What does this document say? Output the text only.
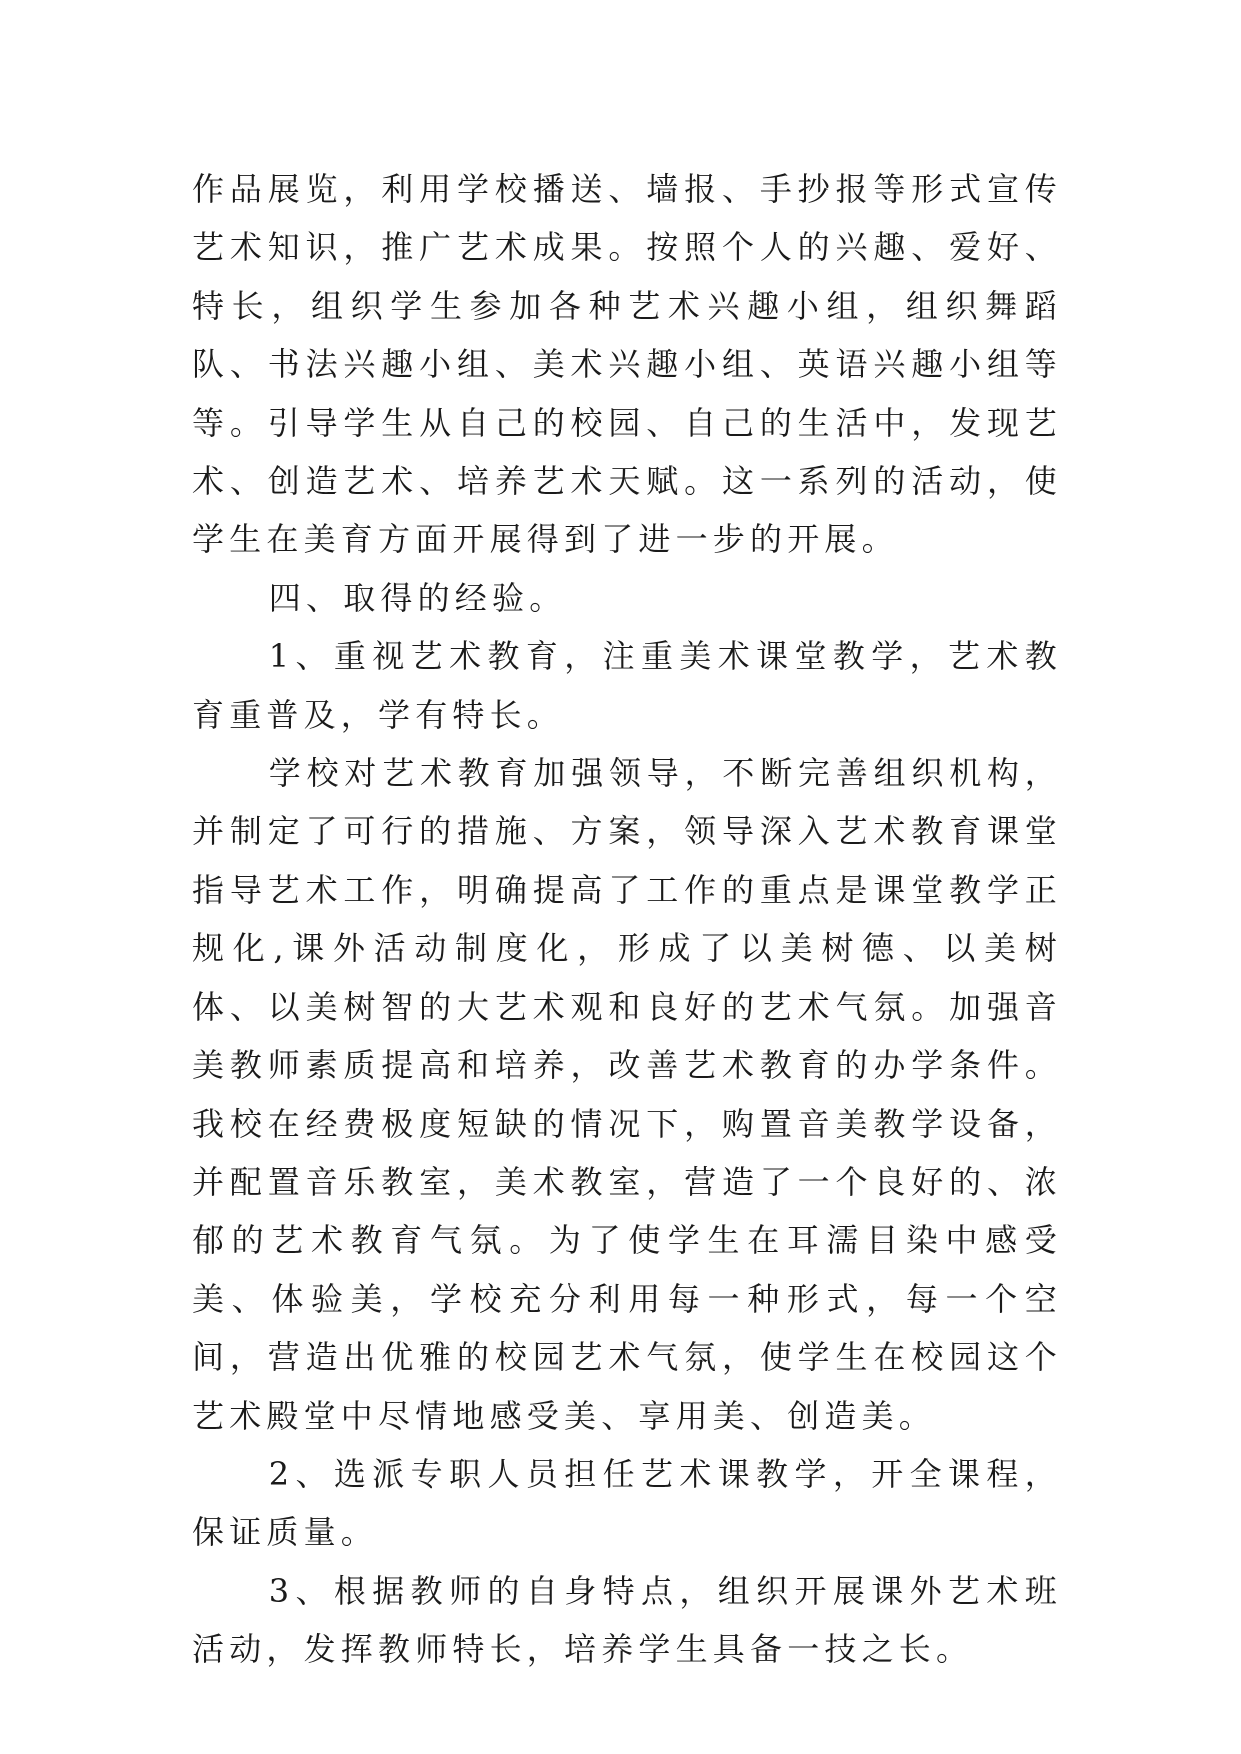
作品展览，利用学校播送、墙报、手抄报等形式宣传艺术知识，推广艺术成果。按照个人的兴趣、爱好、特长，组织学生参加各种艺术兴趣小组，组织舞蹈队、书法兴趣小组、美术兴趣小组、英语兴趣小组等等。引导学生从自己的校园、自己的生活中，发现艺术、创造艺术、培养艺术天赋。这一系列的活动，使学生在美育方面开展得到了进一步的开展。

四、取得的经验。

1、重视艺术教育，注重美术课堂教学，艺术教育重普及，学有特长。

学校对艺术教育加强领导，不断完善组织机构，并制定了可行的措施、方案，领导深入艺术教育课堂指导艺术工作，明确提高了工作的重点是课堂教学正规化,课外活动制度化，形成了以美树德、以美树体、以美树智的大艺术观和良好的艺术气氛。加强音美教师素质提高和培养，改善艺术教育的办学条件。我校在经费极度短缺的情况下，购置音美教学设备，并配置音乐教室，美术教室，营造了一个良好的、浓郁的艺术教育气氛。为了使学生在耳濡目染中感受美、体验美，学校充分利用每一种形式，每一个空间，营造出优雅的校园艺术气氛，使学生在校园这个艺术殿堂中尽情地感受美、享用美、创造美。

2、选派专职人员担任艺术课教学，开全课程，保证质量。

3、根据教师的自身特点，组织开展课外艺术班活动，发挥教师特长，培养学生具备一技之长。
